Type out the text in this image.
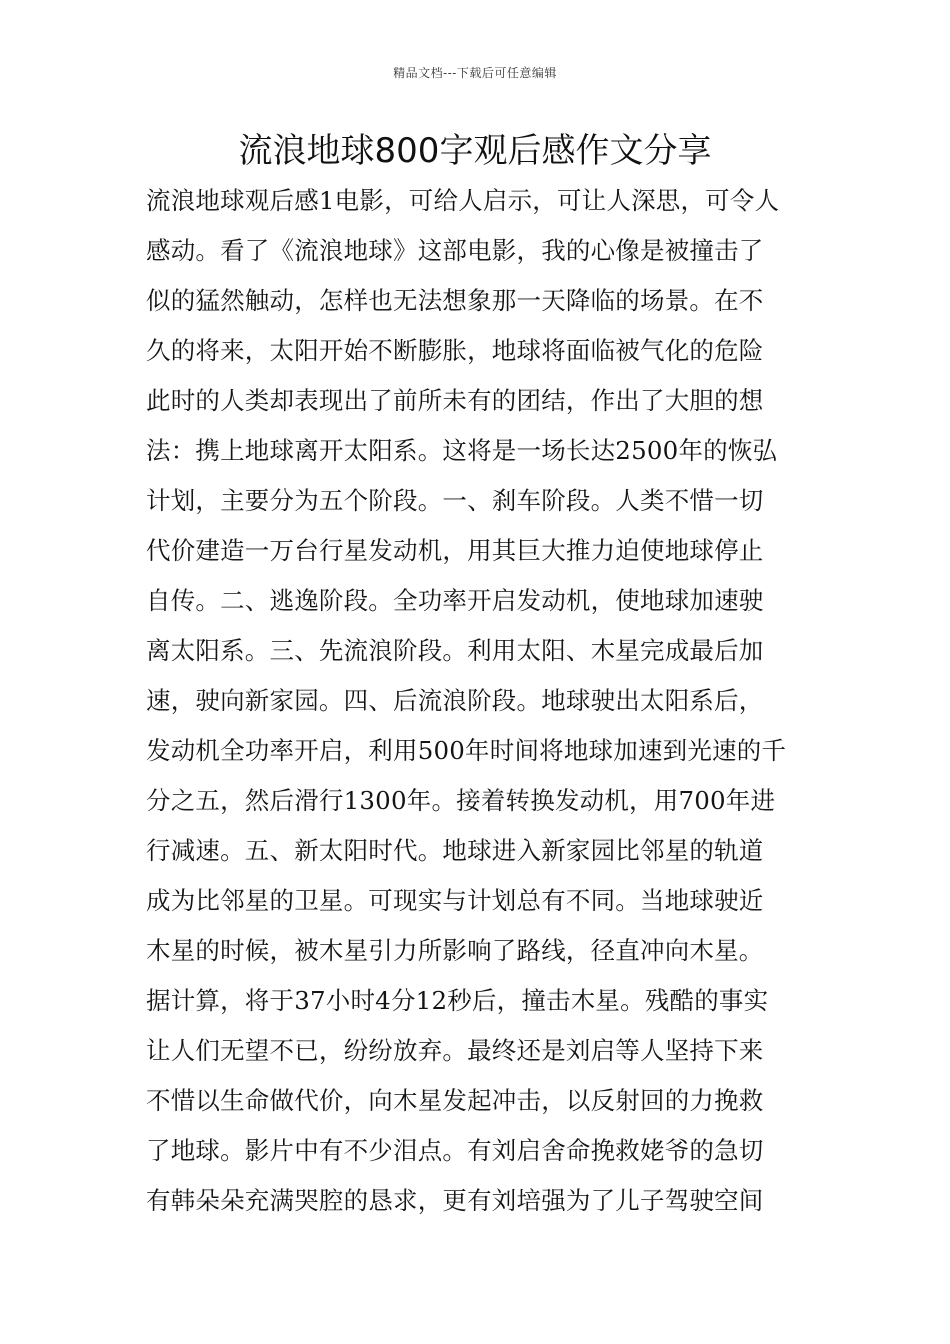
精品文档---下载后可任意编辑
流浪地球800字观后感作文分享
流浪地球观后感1电影，可给人启示，可让人深思，可令人
感动。看了《流浪地球》这部电影，我的心像是被撞击了
似的猛然触动，怎样也无法想象那一天降临的场景。在不
久的将来，太阳开始不断膨胀，地球将面临被气化的危险
此时的人类却表现出了前所未有的团结，作出了大胆的想
法：携上地球离开太阳系。这将是一场长达2500年的恢弘
计划，主要分为五个阶段。一、刹车阶段。人类不惜一切
代价建造一万台行星发动机，用其巨大推力迫使地球停止
自传。二、逃逸阶段。全功率开启发动机，使地球加速驶
离太阳系。三、先流浪阶段。利用太阳、木星完成最后加
速，驶向新家园。四、后流浪阶段。地球驶出太阳系后，
发动机全功率开启，利用500年时间将地球加速到光速的千
分之五，然后滑行1300年。接着转换发动机，用700年进
行减速。五、新太阳时代。地球进入新家园比邻星的轨道
成为比邻星的卫星。可现实与计划总有不同。当地球驶近
木星的时候，被木星引力所影响了路线，径直冲向木星。
据计算，将于37小时4分12秒后，撞击木星。残酷的事实
让人们无望不已，纷纷放弃。最终还是刘启等人坚持下来
不惜以生命做代价，向木星发起冲击，以反射回的力挽救
了地球。影片中有不少泪点。有刘启舍命挽救姥爷的急切
有韩朵朵充满哭腔的恳求，更有刘培强为了儿子驾驶空间
